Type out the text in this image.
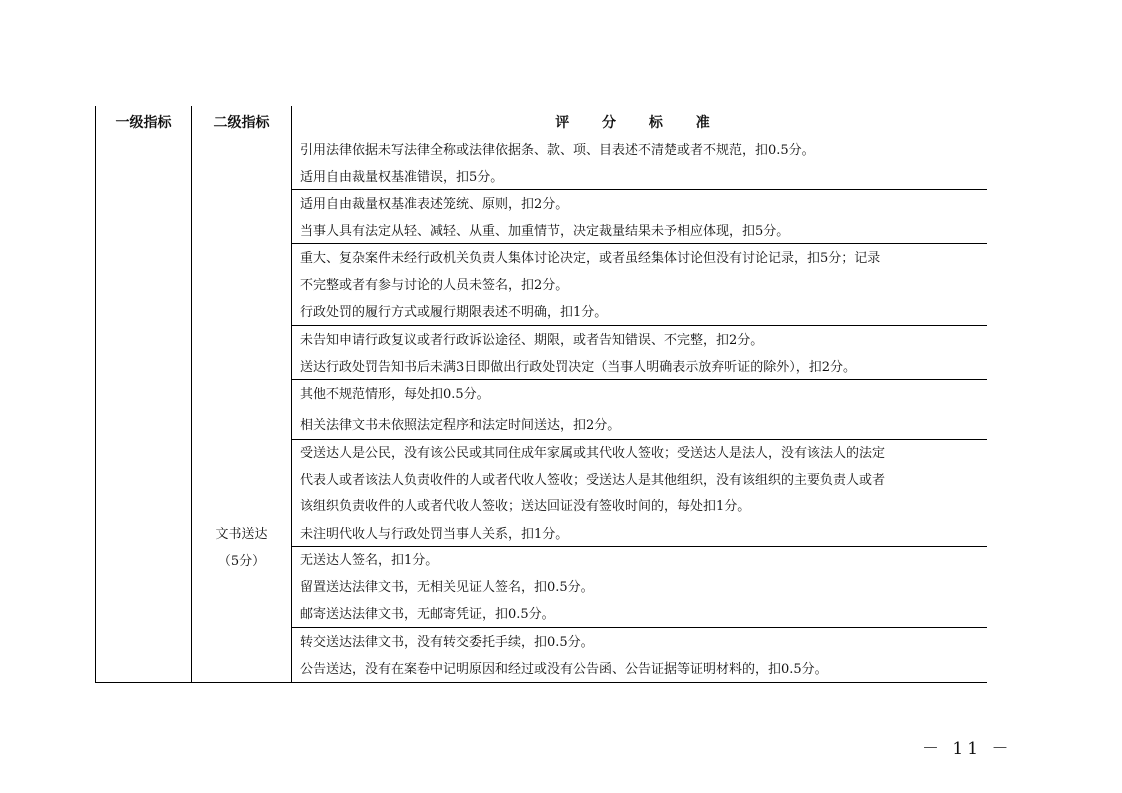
一级指标	二级指标	评 分 标 准
文书送达
（5分）
引用法律依据未写法律全称或法律依据条、款、项、目表述不清楚或者不规范，扣0.5分。
适用自由裁量权基准错误，扣5分。
适用自由裁量权基准表述笼统、原则，扣2分。
当事人具有法定从轻、减轻、从重、加重情节，决定裁量结果未予相应体现，扣5分。
重大、复杂案件未经行政机关负责人集体讨论决定，或者虽经集体讨论但没有讨论记录，扣5分；记录
不完整或者有参与讨论的人员未签名，扣2分。
行政处罚的履行方式或履行期限表述不明确，扣1分。
未告知申请行政复议或者行政诉讼途径、期限，或者告知错误、不完整，扣2分。
送达行政处罚告知书后未满3日即做出行政处罚决定（当事人明确表示放弃听证的除外），扣2分。
其他不规范情形，每处扣0.5分。
相关法律文书未依照法定程序和法定时间送达，扣2分。
受送达人是公民，没有该公民或其同住成年家属或其代收人签收；受送达人是法人，没有该法人的法定
代表人或者该法人负责收件的人或者代收人签收；受送达人是其他组织，没有该组织的主要负责人或者
该组织负责收件的人或者代收人签收；送达回证没有签收时间的，每处扣1分。
未注明代收人与行政处罚当事人关系，扣1分。
无送达人签名，扣1分。
留置送达法律文书，无相关见证人签名，扣0.5分。
邮寄送达法律文书，无邮寄凭证，扣0.5分。
转交送达法律文书，没有转交委托手续，扣0.5分。
公告送达，没有在案卷中记明原因和经过或没有公告函、公告证据等证明材料的，扣0.5分。
－ 11 －
